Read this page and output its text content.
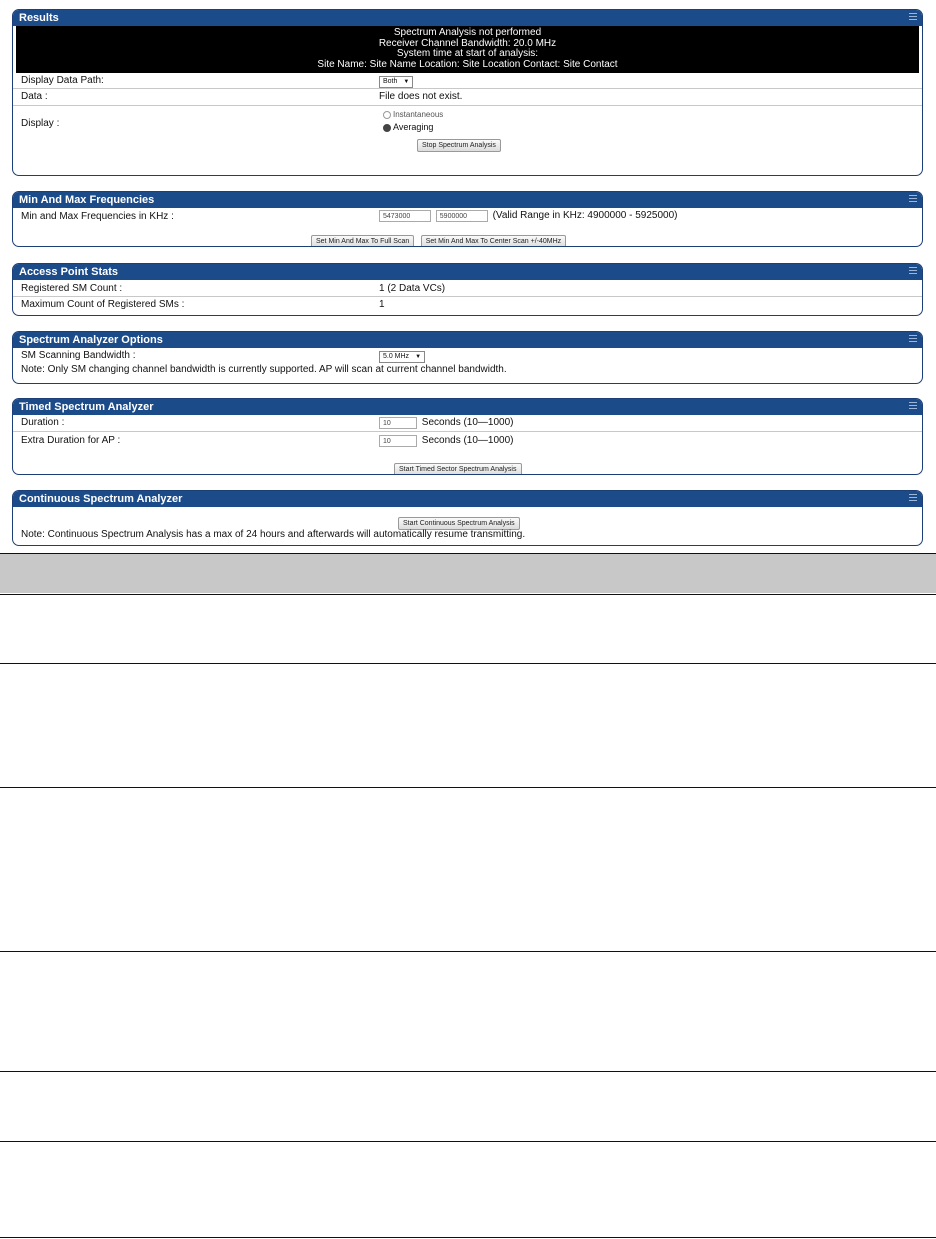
Results
Spectrum Analysis not performed
Receiver Channel Bandwidth: 20.0 MHz
System time at start of analysis:
Site Name: Site Name Location: Site Location Contact: Site Contact
Display Data Path:	Both ▼
Data :	File does not exist.
Display :
Instantaneous
Averaging
Stop Spectrum Analysis
Min And Max Frequencies
Min and Max Frequencies in KHz :	5473000	5900000	(Valid Range in KHz: 4900000 - 5925000)
Set Min And Max To Full Scan Set Min And Max To Center Scan +/-40MHz
Access Point Stats
Registered SM Count :	1 (2 Data VCs)
Maximum Count of Registered SMs :	1
Spectrum Analyzer Options
SM Scanning Bandwidth :	5.0 MHz ▼
Note: Only SM changing channel bandwidth is currently supported. AP will scan at current channel bandwidth.
Timed Spectrum Analyzer
Duration :	10	Seconds (10—1000)
Extra Duration for AP :	10	Seconds (10—1000)
Start Timed Sector Spectrum Analysis
Continuous Spectrum Analyzer
Start Continuous Spectrum Analysis
Note: Continuous Spectrum Analysis has a max of 24 hours and afterwards will automatically resume transmitting.
